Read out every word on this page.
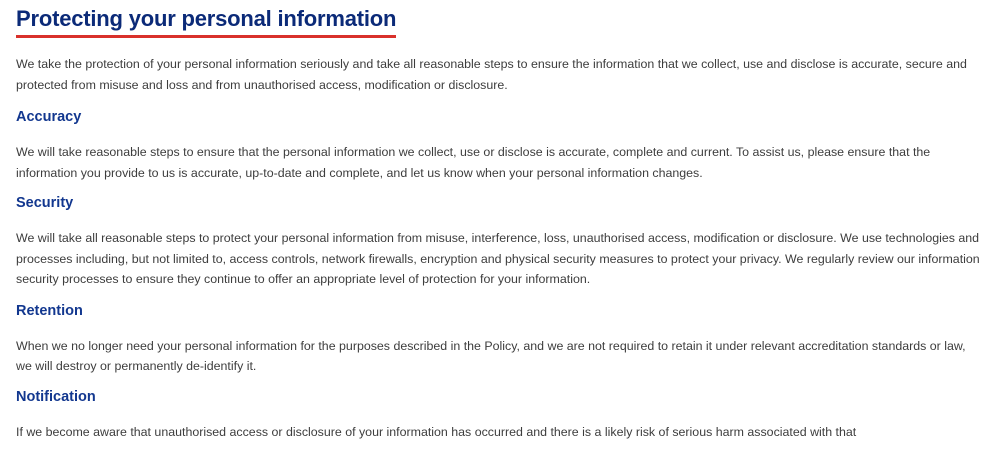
Protecting your personal information

We take the protection of your personal information seriously and take all reasonable steps to ensure the information that we collect, use and disclose is accurate, secure and protected from misuse and loss and from unauthorised access, modification or disclosure.

Accuracy

We will take reasonable steps to ensure that the personal information we collect, use or disclose is accurate, complete and current. To assist us, please ensure that the information you provide to us is accurate, up-to-date and complete, and let us know when your personal information changes.

Security

We will take all reasonable steps to protect your personal information from misuse, interference, loss, unauthorised access, modification or disclosure. We use technologies and processes including, but not limited to, access controls, network firewalls, encryption and physical security measures to protect your privacy. We regularly review our information security processes to ensure they continue to offer an appropriate level of protection for your information.

Retention

When we no longer need your personal information for the purposes described in the Policy, and we are not required to retain it under relevant accreditation standards or law, we will destroy or permanently de-identify it.

Notification

If we become aware that unauthorised access or disclosure of your information has occurred and there is a likely risk of serious harm associated with that
